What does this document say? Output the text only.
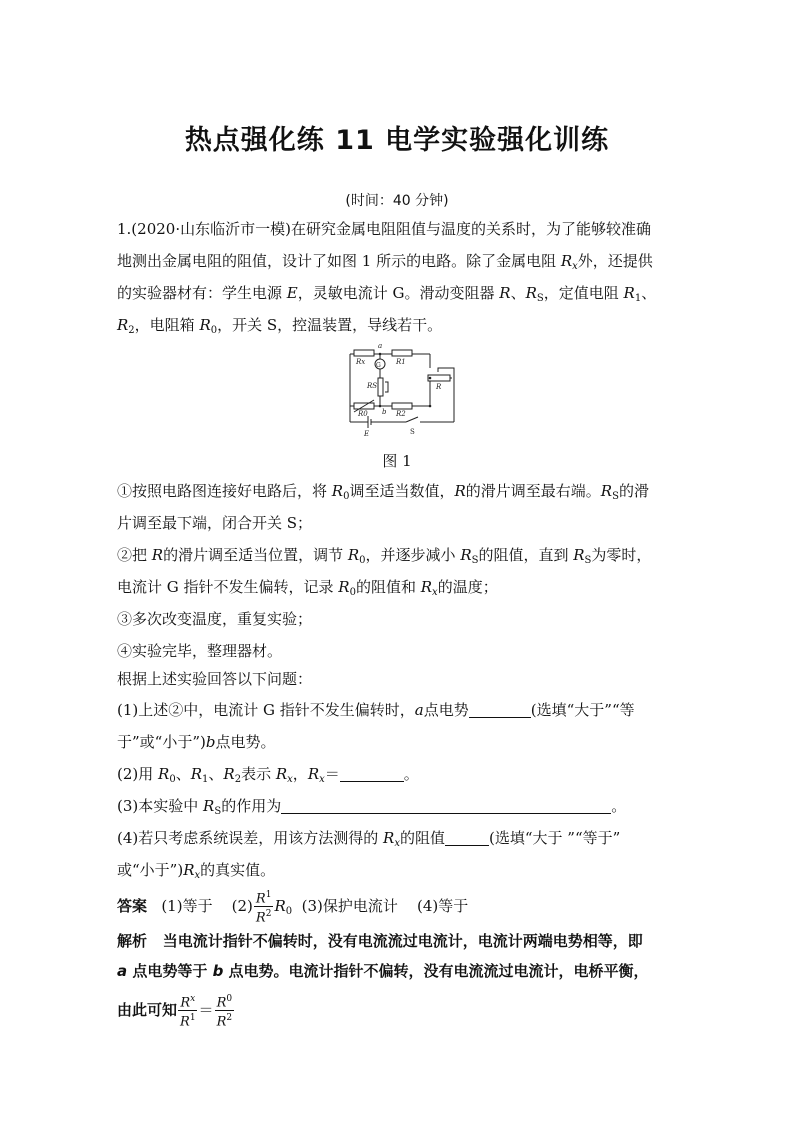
热点强化练 11 电学实验强化训练
(时间：40 分钟)
1.(2020·山东临沂市一模)在研究金属电阻阻值与温度的关系时，为了能够较准确
地测出金属电阻的阻值，设计了如图 1 所示的电路。除了金属电阻 $R_x$外，还提供
的实验器材有：学生电源 E，灵敏电流计 G。滑动变阻器 R、$R_S$，定值电阻 $R_1$、
$R_2$，电阻箱 $R_0$，开关 S，控温装置，导线若干。
a
G
Rx	R1
RS
b
R0	R2
R
E	S
图 1
①按照电路图连接好电路后，将 $R_0$调至适当数值，R的滑片调至最右端。$R_S$的滑
片调至最下端，闭合开关 S；
②把 R的滑片调至适当位置，调节 $R_0$，并逐步减小 $R_S$的阻值，直到 $R_S$为零时，
电流计 G 指针不发生偏转，记录 $R_0$的阻值和 $R_x$的温度；
③多次改变温度，重复实验；
④实验完毕，整理器材。
根据上述实验回答以下问题：
(1)上述②中，电流计 G 指针不发生偏转时，a点电势	(选填“大于”“等
于”或“小于”)b点电势。
(2)用 $R_0$、$R_1$、$R_2$表示 $R_x$，$R_x=$	。
(3)本实验中 $R_S$的作用为	。
(4)若只考虑系统误差，用该方法测得的 $R_x$的阻值	(选填“大于 ”“等于”
或“小于$”)R_x$的真实值。
答案 (1)等于 $(2) \frac{R^1}{R^2} R_0$ (3)保护电流计 (4)等于
解析 当电流计指针不偏转时，没有电流流过电流计，电流计两端电势相等，即
a 点电势等于 b 点电势。电流计指针不偏转，没有电流流过电流计，电桥平衡，
由此可知 $\frac{R^x}{R^1} = \frac{R^0}{R^2}$
